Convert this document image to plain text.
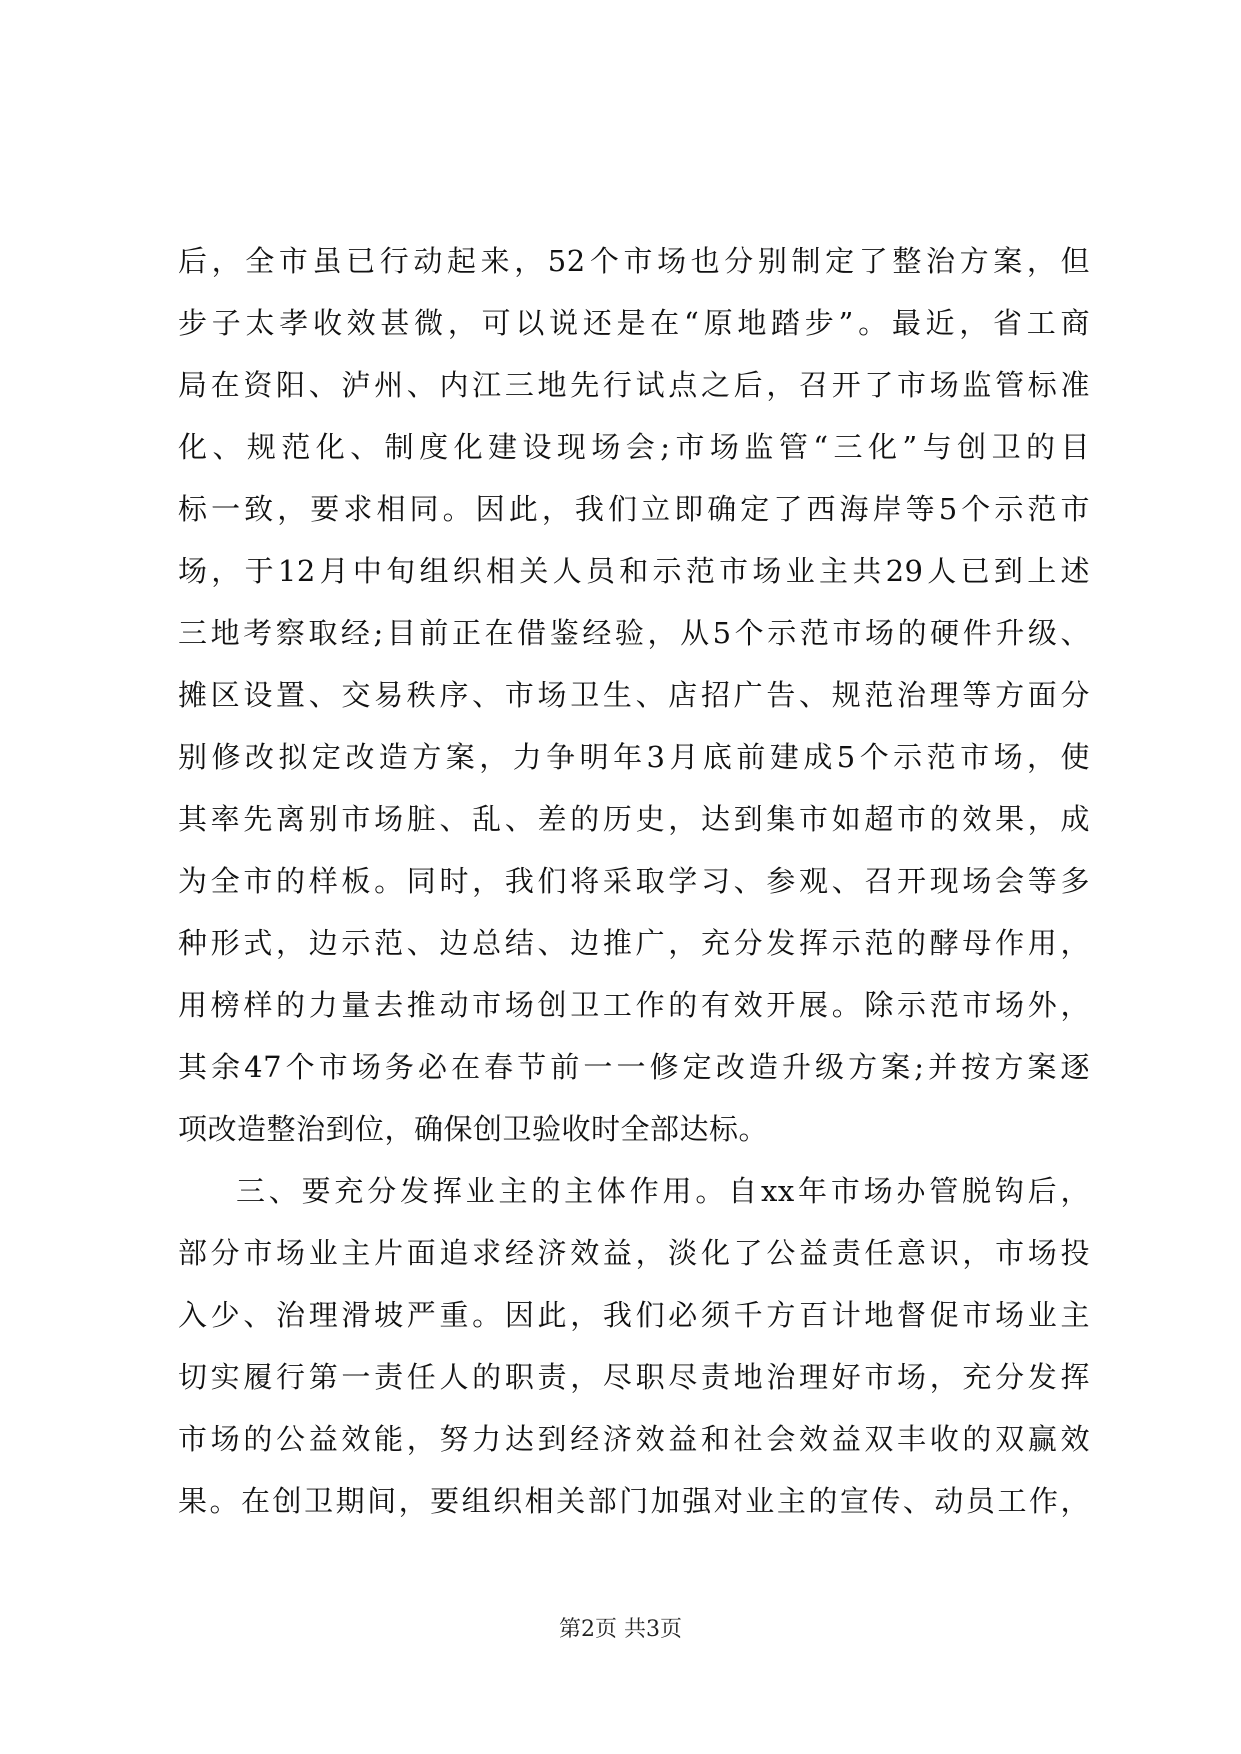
后，全市虽已行动起来，52个市场也分别制定了整治方案，但
步子太孝收效甚微，可以说还是在“原地踏步”。最近，省工商
局在资阳、泸州、内江三地先行试点之后，召开了市场监管标准
化、规范化、制度化建设现场会;市场监管“三化”与创卫的目
标一致，要求相同。因此，我们立即确定了西海岸等5个示范市
场，于12月中旬组织相关人员和示范市场业主共29人已到上述
三地考察取经;目前正在借鉴经验，从5个示范市场的硬件升级、
摊区设置、交易秩序、市场卫生、店招广告、规范治理等方面分
别修改拟定改造方案，力争明年3月底前建成5个示范市场，使
其率先离别市场脏、乱、差的历史，达到集市如超市的效果，成
为全市的样板。同时，我们将采取学习、参观、召开现场会等多
种形式，边示范、边总结、边推广，充分发挥示范的酵母作用，
用榜样的力量去推动市场创卫工作的有效开展。除示范市场外，
其余47个市场务必在春节前一一修定改造升级方案;并按方案逐
项改造整治到位，确保创卫验收时全部达标。
三、要充分发挥业主的主体作用。自xx年市场办管脱钩后，
部分市场业主片面追求经济效益，淡化了公益责任意识，市场投
入少、治理滑坡严重。因此，我们必须千方百计地督促市场业主
切实履行第一责任人的职责，尽职尽责地治理好市场，充分发挥
市场的公益效能，努力达到经济效益和社会效益双丰收的双赢效
果。在创卫期间，要组织相关部门加强对业主的宣传、动员工作，
第2页 共3页
